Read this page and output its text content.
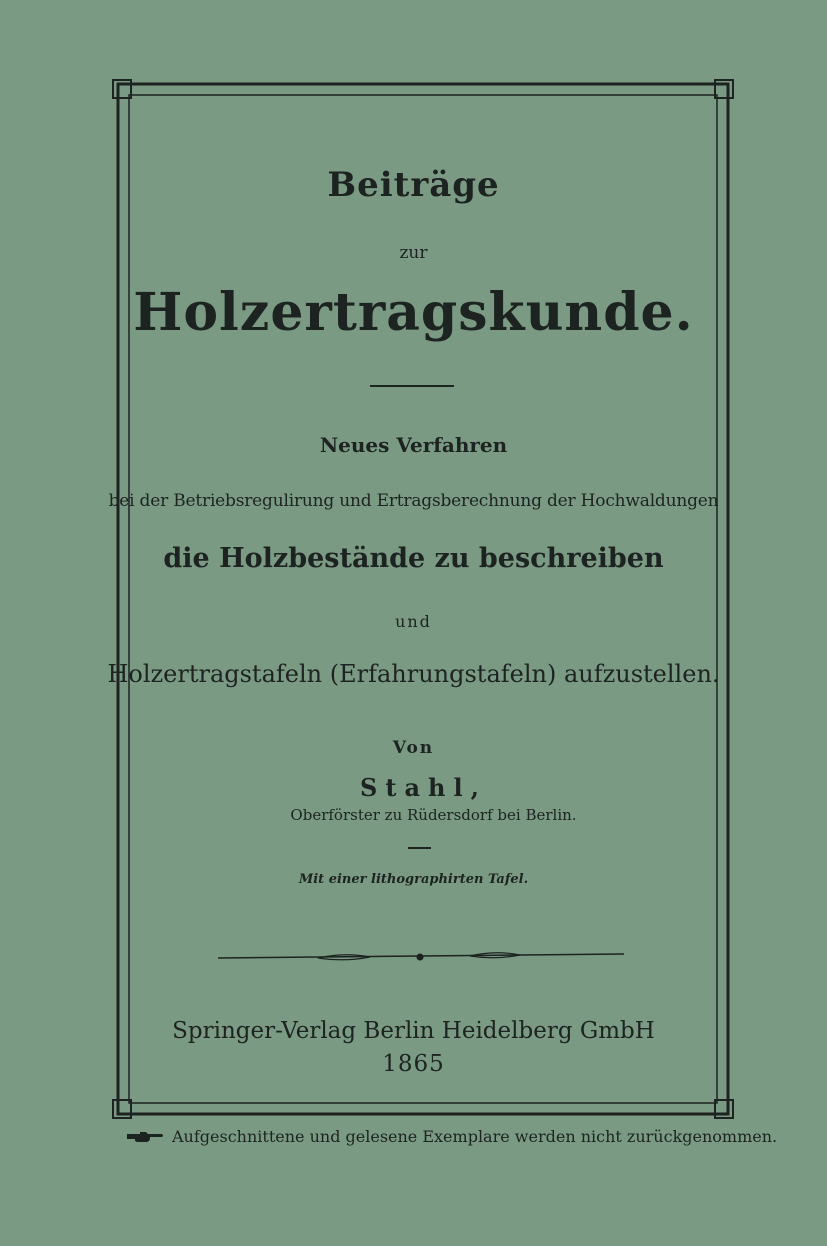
Beiträge
zur
Holzertragskunde.
Neues Verfahren
bei der Betriebsregulirung und Ertragsberechnung der Hochwaldungen
die Holzbestände zu beschreiben
und
Holzertragstafeln (Erfahrungstafeln) aufzustellen.
Von
Stahl,
Oberförster zu Rüdersdorf bei Berlin.
Mit einer lithographirten Tafel.
Springer-Verlag Berlin Heidelberg GmbH
1865
Aufgeschnittene und gelesene Exemplare werden nicht zurückgenommen.
